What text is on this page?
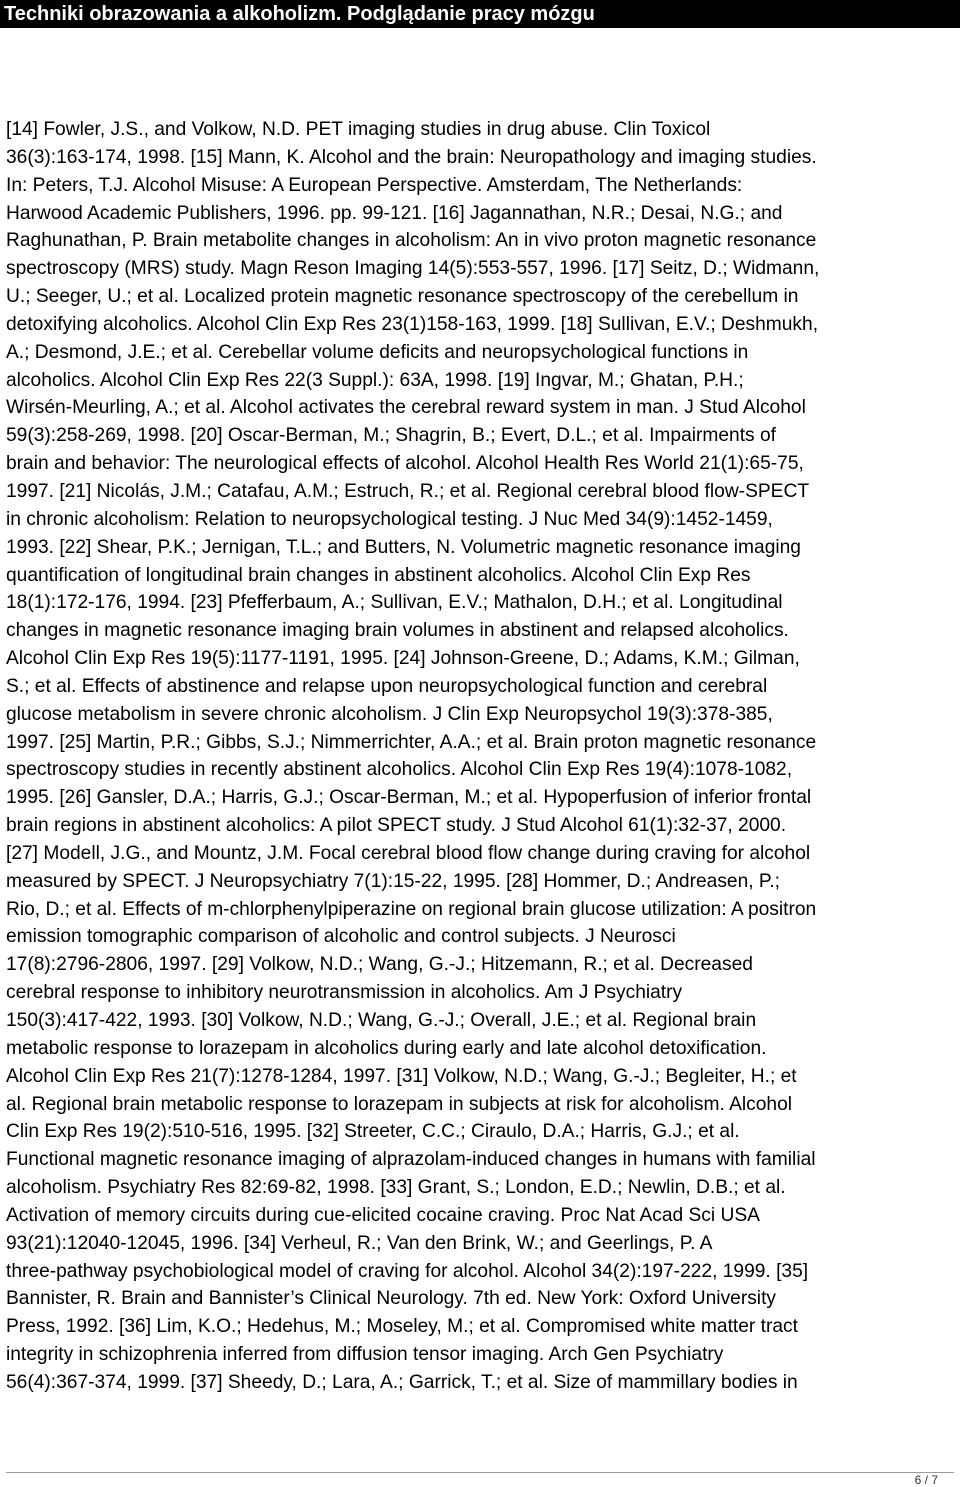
Techniki obrazowania a alkoholizm. Podglądanie pracy mózgu
[14] Fowler, J.S., and Volkow, N.D. PET imaging studies in drug abuse. Clin Toxicol
36(3):163-174, 1998. [15] Mann, K. Alcohol and the brain: Neuropathology and imaging studies.
In: Peters, T.J. Alcohol Misuse: A European Perspective. Amsterdam, The Netherlands:
Harwood Academic Publishers, 1996. pp. 99-121. [16] Jagannathan, N.R.; Desai, N.G.; and
Raghunathan, P. Brain metabolite changes in alcoholism: An in vivo proton magnetic resonance
spectroscopy (MRS) study. Magn Reson Imaging 14(5):553-557, 1996. [17] Seitz, D.; Widmann,
U.; Seeger, U.; et al. Localized protein magnetic resonance spectroscopy of the cerebellum in
detoxifying alcoholics. Alcohol Clin Exp Res 23(1)158-163, 1999. [18] Sullivan, E.V.; Deshmukh,
A.; Desmond, J.E.; et al. Cerebellar volume deficits and neuropsychological functions in
alcoholics. Alcohol Clin Exp Res 22(3 Suppl.): 63A, 1998. [19] Ingvar, M.; Ghatan, P.H.;
Wirsén-Meurling, A.; et al. Alcohol activates the cerebral reward system in man. J Stud Alcohol
59(3):258-269, 1998. [20] Oscar-Berman, M.; Shagrin, B.; Evert, D.L.; et al. Impairments of
brain and behavior: The neurological effects of alcohol. Alcohol Health Res World 21(1):65-75,
1997. [21] Nicolás, J.M.; Catafau, A.M.; Estruch, R.; et al. Regional cerebral blood flow-SPECT
in chronic alcoholism: Relation to neuropsychological testing. J Nuc Med 34(9):1452-1459,
1993. [22] Shear, P.K.; Jernigan, T.L.; and Butters, N. Volumetric magnetic resonance imaging
quantification of longitudinal brain changes in abstinent alcoholics. Alcohol Clin Exp Res
18(1):172-176, 1994. [23] Pfefferbaum, A.; Sullivan, E.V.; Mathalon, D.H.; et al. Longitudinal
changes in magnetic resonance imaging brain volumes in abstinent and relapsed alcoholics.
Alcohol Clin Exp Res 19(5):1177-1191, 1995. [24] Johnson-Greene, D.; Adams, K.M.; Gilman,
S.; et al. Effects of abstinence and relapse upon neuropsychological function and cerebral
glucose metabolism in severe chronic alcoholism. J Clin Exp Neuropsychol 19(3):378-385,
1997. [25] Martin, P.R.; Gibbs, S.J.; Nimmerrichter, A.A.; et al. Brain proton magnetic resonance
spectroscopy studies in recently abstinent alcoholics. Alcohol Clin Exp Res 19(4):1078-1082,
1995. [26] Gansler, D.A.; Harris, G.J.; Oscar-Berman, M.; et al. Hypoperfusion of inferior frontal
brain regions in abstinent alcoholics: A pilot SPECT study. J Stud Alcohol 61(1):32-37, 2000.
[27] Modell, J.G., and Mountz, J.M. Focal cerebral blood flow change during craving for alcohol
measured by SPECT. J Neuropsychiatry 7(1):15-22, 1995. [28] Hommer, D.; Andreasen, P.;
Rio, D.; et al. Effects of m-chlorphenylpiperazine on regional brain glucose utilization: A positron
emission tomographic comparison of alcoholic and control subjects. J Neurosci
17(8):2796-2806, 1997. [29] Volkow, N.D.; Wang, G.-J.; Hitzemann, R.; et al. Decreased
cerebral response to inhibitory neurotransmission in alcoholics. Am J Psychiatry
150(3):417-422, 1993. [30] Volkow, N.D.; Wang, G.-J.; Overall, J.E.; et al. Regional brain
metabolic response to lorazepam in alcoholics during early and late alcohol detoxification.
Alcohol Clin Exp Res 21(7):1278-1284, 1997. [31] Volkow, N.D.; Wang, G.-J.; Begleiter, H.; et
al. Regional brain metabolic response to lorazepam in subjects at risk for alcoholism. Alcohol
Clin Exp Res 19(2):510-516, 1995. [32] Streeter, C.C.; Ciraulo, D.A.; Harris, G.J.; et al.
Functional magnetic resonance imaging of alprazolam-induced changes in humans with familial
alcoholism. Psychiatry Res 82:69-82, 1998. [33] Grant, S.; London, E.D.; Newlin, D.B.; et al.
Activation of memory circuits during cue-elicited cocaine craving. Proc Nat Acad Sci USA
93(21):12040-12045, 1996. [34] Verheul, R.; Van den Brink, W.; and Geerlings, P. A
three-pathway psychobiological model of craving for alcohol. Alcohol 34(2):197-222, 1999. [35]
Bannister, R. Brain and Bannister’s Clinical Neurology. 7th ed. New York: Oxford University
Press, 1992. [36] Lim, K.O.; Hedehus, M.; Moseley, M.; et al. Compromised white matter tract
integrity in schizophrenia inferred from diffusion tensor imaging. Arch Gen Psychiatry
56(4):367-374, 1999. [37] Sheedy, D.; Lara, A.; Garrick, T.; et al. Size of mammillary bodies in
6 / 7
